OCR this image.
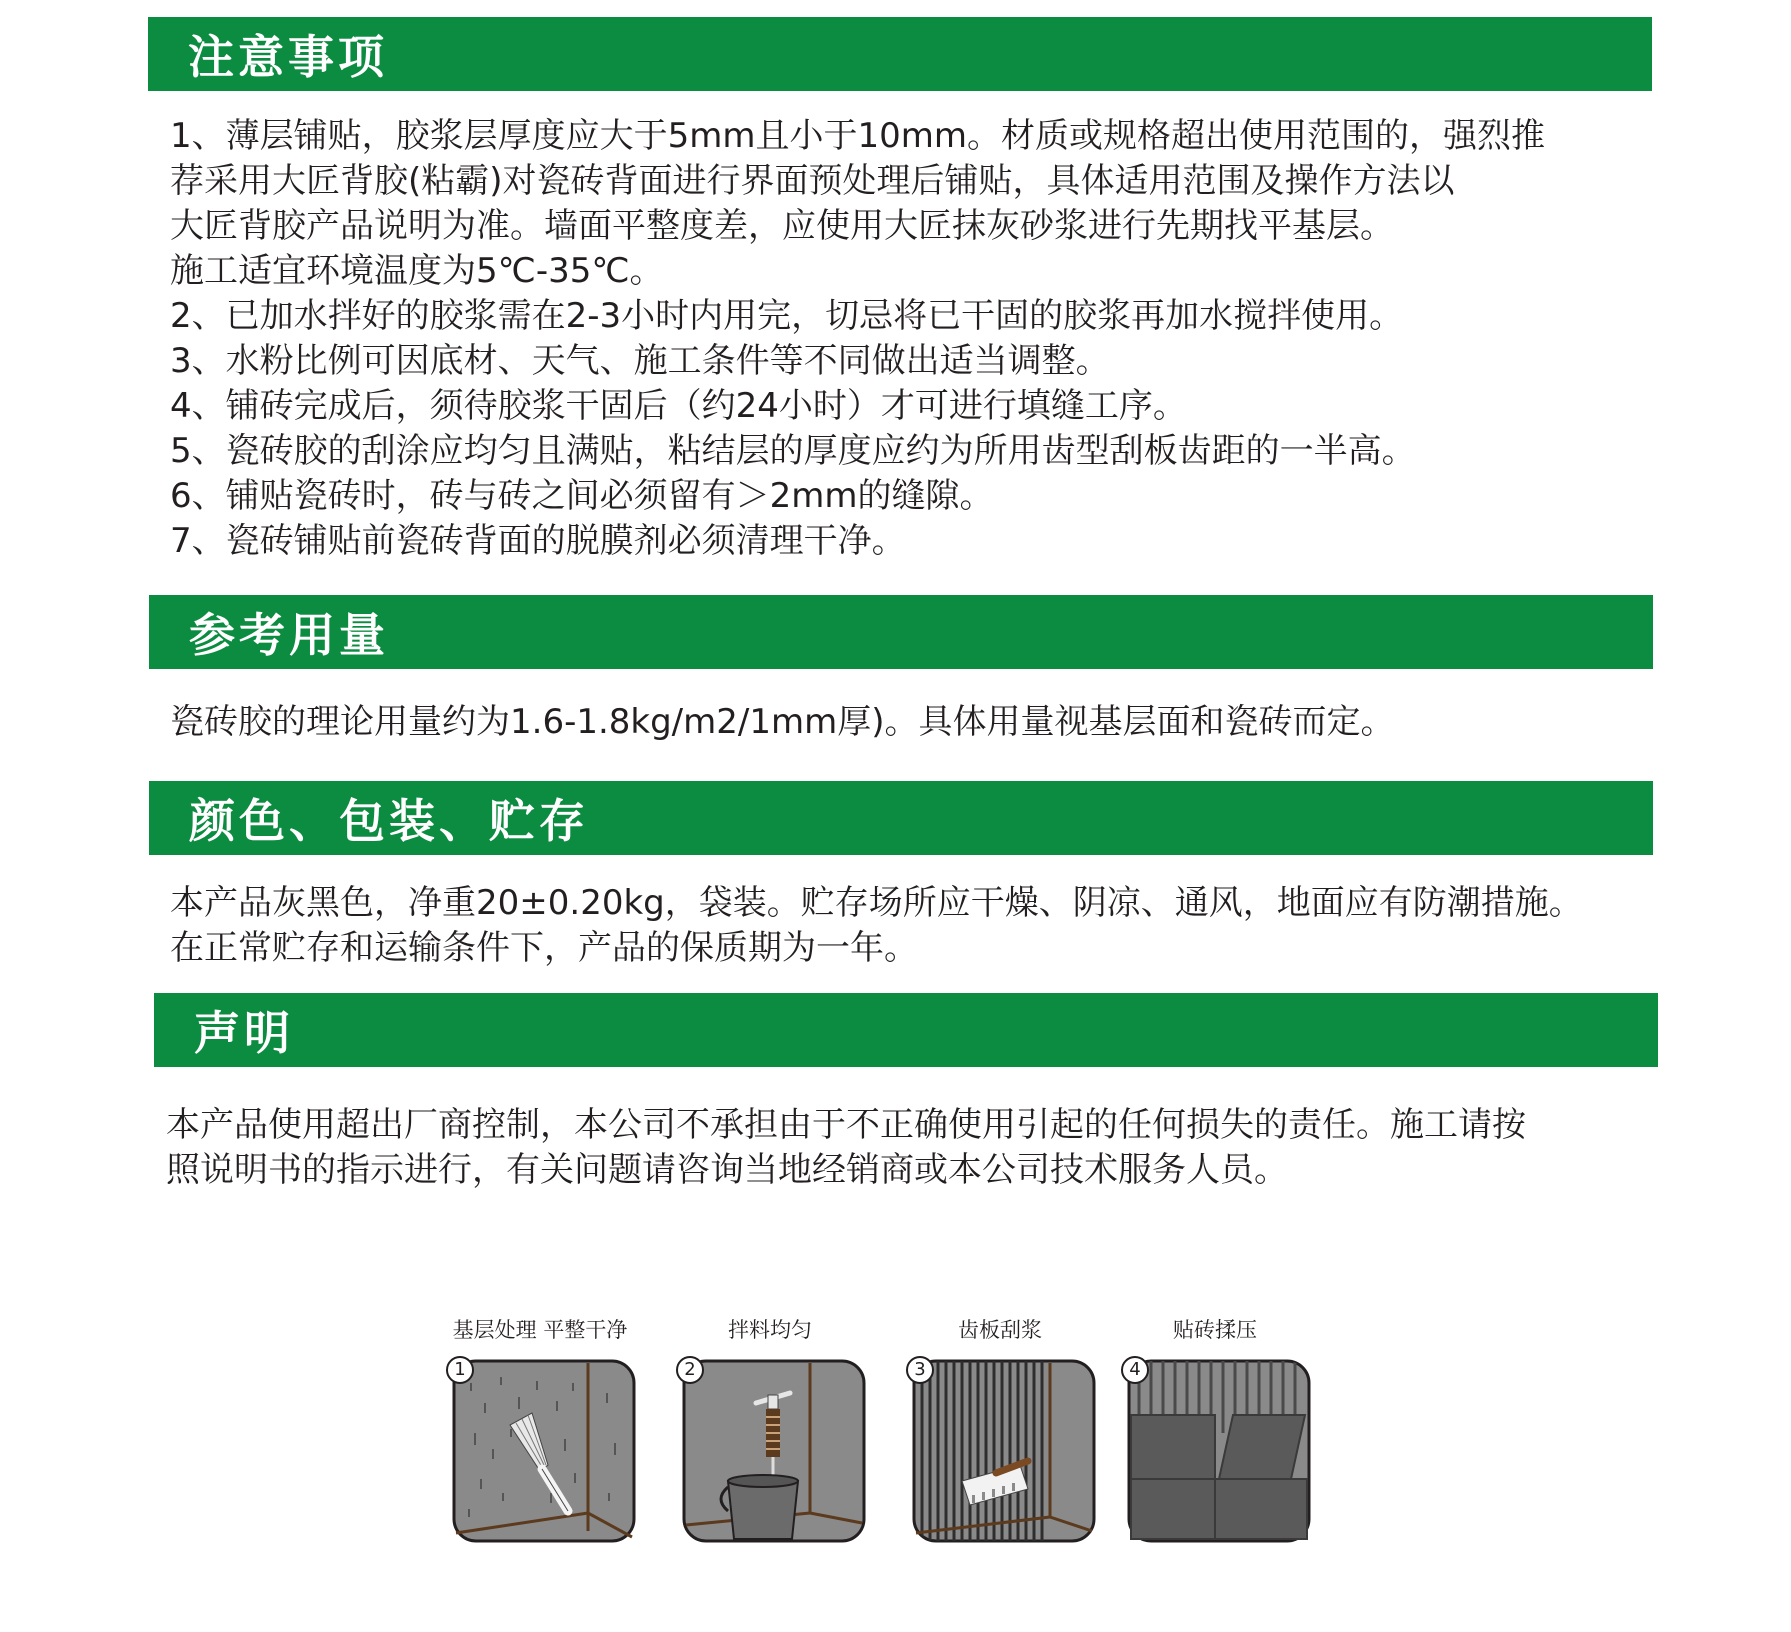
注意事项
1、薄层铺贴，胶浆层厚度应大于5mm且小于10mm。材质或规格超出使用范围的，强烈推
荐采用大匠背胶(粘霸)对瓷砖背面进行界面预处理后铺贴，具体适用范围及操作方法以
大匠背胶产品说明为准。墙面平整度差，应使用大匠抹灰砂浆进行先期找平基层。
施工适宜环境温度为5℃-35℃。
2、已加水拌好的胶浆需在2-3小时内用完，切忌将已干固的胶浆再加水搅拌使用。
3、水粉比例可因底材、天气、施工条件等不同做出适当调整。
4、铺砖完成后，须待胶浆干固后（约24小时）才可进行填缝工序。
5、瓷砖胶的刮涂应均匀且满贴，粘结层的厚度应约为所用齿型刮板齿距的一半高。
6、铺贴瓷砖时，砖与砖之间必须留有＞2mm的缝隙。
7、瓷砖铺贴前瓷砖背面的脱膜剂必须清理干净。
参考用量
瓷砖胶的理论用量约为1.6-1.8kg/m2/1mm厚)。具体用量视基层面和瓷砖而定。
颜色、包装、贮存
本产品灰黑色，净重20±0.20kg，袋装。贮存场所应干燥、阴凉、通风，地面应有防潮措施。
在正常贮存和运输条件下，产品的保质期为一年。
声明
本产品使用超出厂商控制，本公司不承担由于不正确使用引起的任何损失的责任。施工请按
照说明书的指示进行，有关问题请咨询当地经销商或本公司技术服务人员。
基层处理 平整干净
1
拌料均匀
2
齿板刮浆
3
贴砖揉压
4
